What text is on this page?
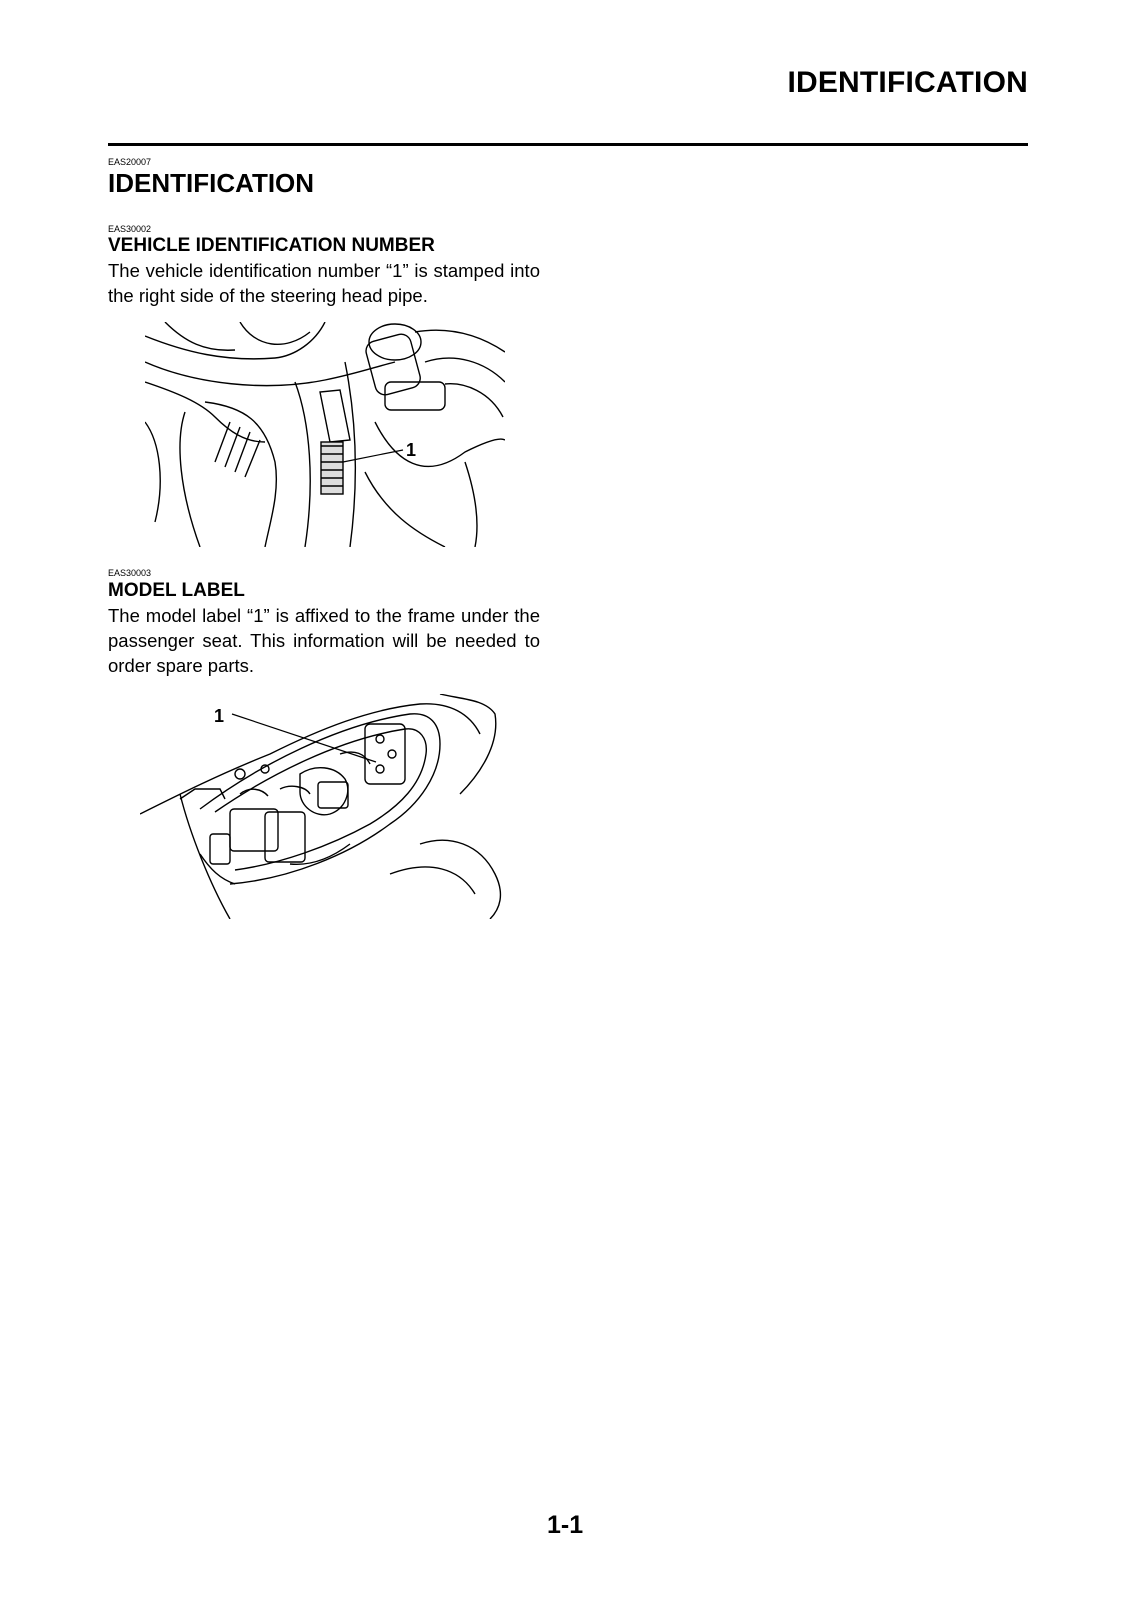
IDENTIFICATION
EAS20007
IDENTIFICATION
EAS30002
VEHICLE IDENTIFICATION NUMBER
The vehicle identification number “1” is stamped into the right side of the steering head pipe.
1
EAS30003
MODEL LABEL
The model label “1” is affixed to the frame under the passenger seat. This information will be needed to order spare parts.
1
1-1
